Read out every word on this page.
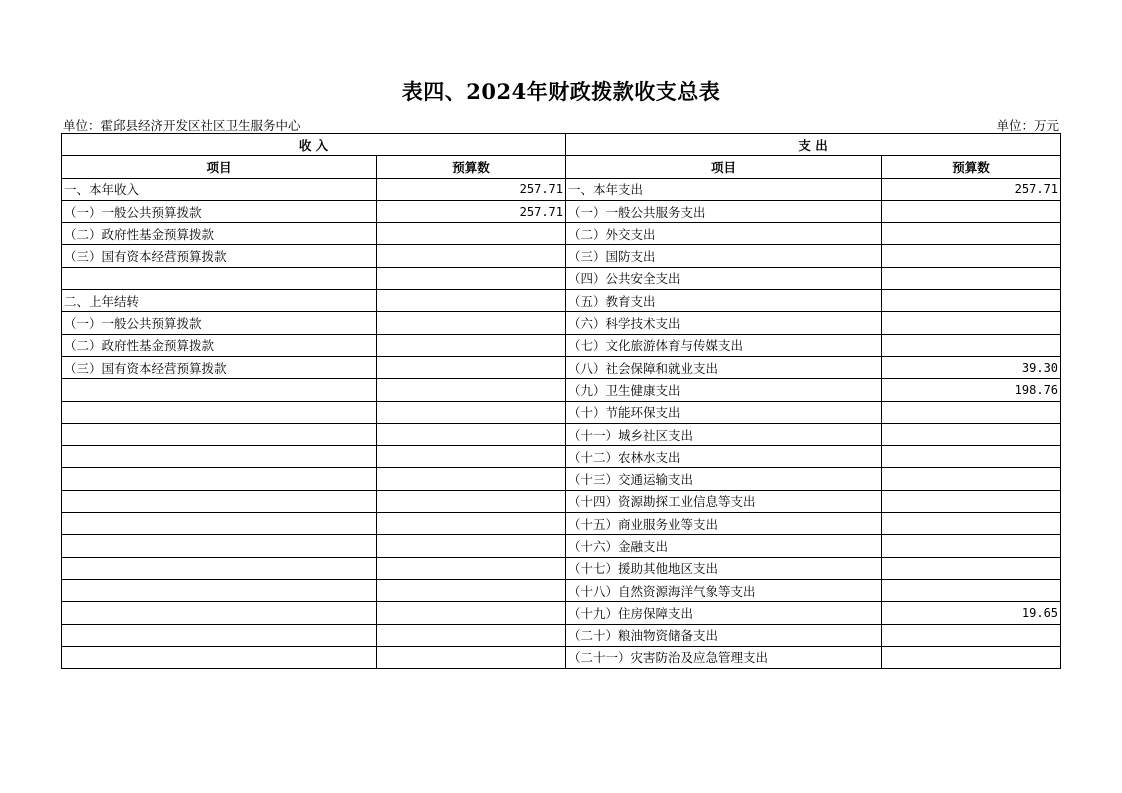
表四、2024年财政拨款收支总表
单位：霍邱县经济开发区社区卫生服务中心	单位：万元
收 入		支 出	
项目	预算数	项目	预算数
一、本年收入	257.71	一、本年支出	257.71
（一）一般公共预算拨款	257.71	（一）一般公共服务支出	
（二）政府性基金预算拨款		（二）外交支出	
（三）国有资本经营预算拨款		（三）国防支出	
		（四）公共安全支出	
二、上年结转		（五）教育支出	
（一）一般公共预算拨款		（六）科学技术支出	
（二）政府性基金预算拨款		（七）文化旅游体育与传媒支出	
（三）国有资本经营预算拨款		（八）社会保障和就业支出	39.30
		（九）卫生健康支出	198.76
		（十）节能环保支出	
		（十一）城乡社区支出	
		（十二）农林水支出	
		（十三）交通运输支出	
		（十四）资源勘探工业信息等支出	
		（十五）商业服务业等支出	
		（十六）金融支出	
		（十七）援助其他地区支出	
		（十八）自然资源海洋气象等支出	
		（十九）住房保障支出	19.65
		（二十）粮油物资储备支出	
		（二十一）灾害防治及应急管理支出	
